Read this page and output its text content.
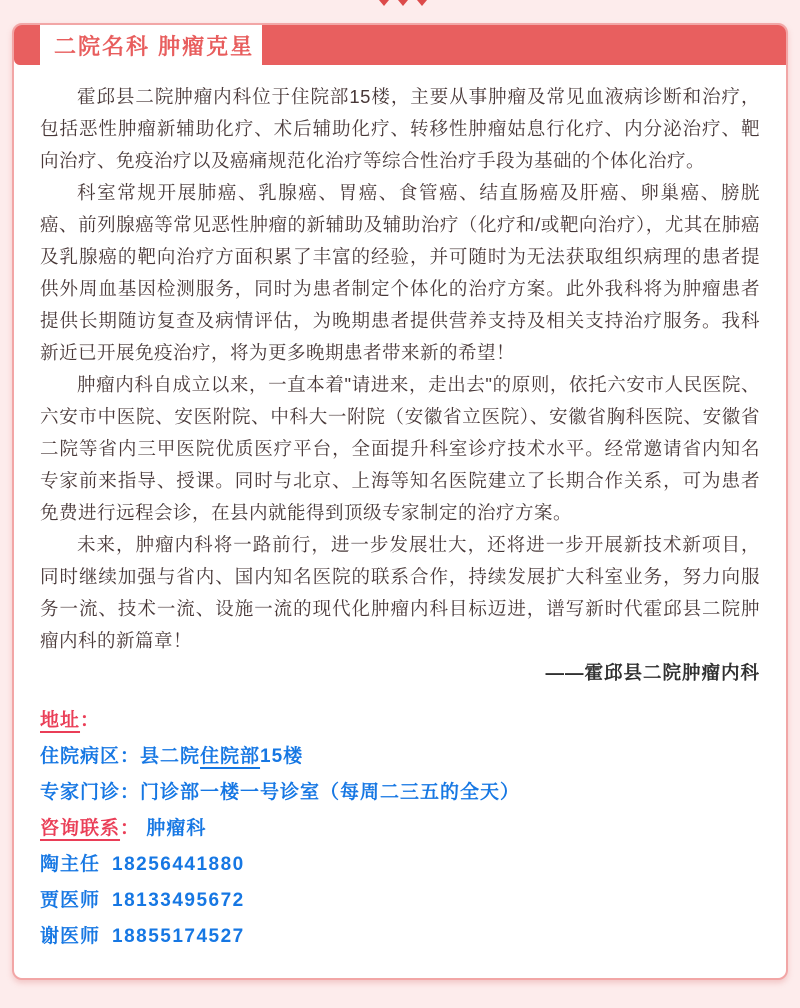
二院名科 肿瘤克星

霍邱县二院肿瘤内科位于住院部15楼，主要从事肿瘤及常见血液病诊断和治疗，包括恶性肿瘤新辅助化疗、术后辅助化疗、转移性肿瘤姑息行化疗、内分泌治疗、靶向治疗、免疫治疗以及癌痛规范化治疗等综合性治疗手段为基础的个体化治疗。

科室常规开展肺癌、乳腺癌、胃癌、食管癌、结直肠癌及肝癌、卵巢癌、膀胱癌、前列腺癌等常见恶性肿瘤的新辅助及辅助治疗（化疗和/或靶向治疗），尤其在肺癌及乳腺癌的靶向治疗方面积累了丰富的经验，并可随时为无法获取组织病理的患者提供外周血基因检测服务，同时为患者制定个体化的治疗方案。此外我科将为肿瘤患者提供长期随访复查及病情评估，为晚期患者提供营养支持及相关支持治疗服务。我科新近已开展免疫治疗，将为更多晚期患者带来新的希望！

肿瘤内科自成立以来，一直本着"请进来，走出去"的原则，依托六安市人民医院、六安市中医院、安医附院、中科大一附院（安徽省立医院）、安徽省胸科医院、安徽省二院等省内三甲医院优质医疗平台，全面提升科室诊疗技术水平。经常邀请省内知名专家前来指导、授课。同时与北京、上海等知名医院建立了长期合作关系，可为患者免费进行远程会诊，在县内就能得到顶级专家制定的治疗方案。

未来，肿瘤内科将一路前行，进一步发展壮大，还将进一步开展新技术新项目，同时继续加强与省内、国内知名医院的联系合作，持续发展扩大科室业务，努力向服务一流、技术一流、设施一流的现代化肿瘤内科目标迈进，谱写新时代霍邱县二院肿瘤内科的新篇章！

——霍邱县二院肿瘤内科
地址：
住院病区：县二院住院部15楼
专家门诊：门诊部一楼一号诊室（每周二三五的全天）
咨询联系： 肿瘤科
陶主任 18256441880
贾医师 18133495672
谢医师 18855174527
